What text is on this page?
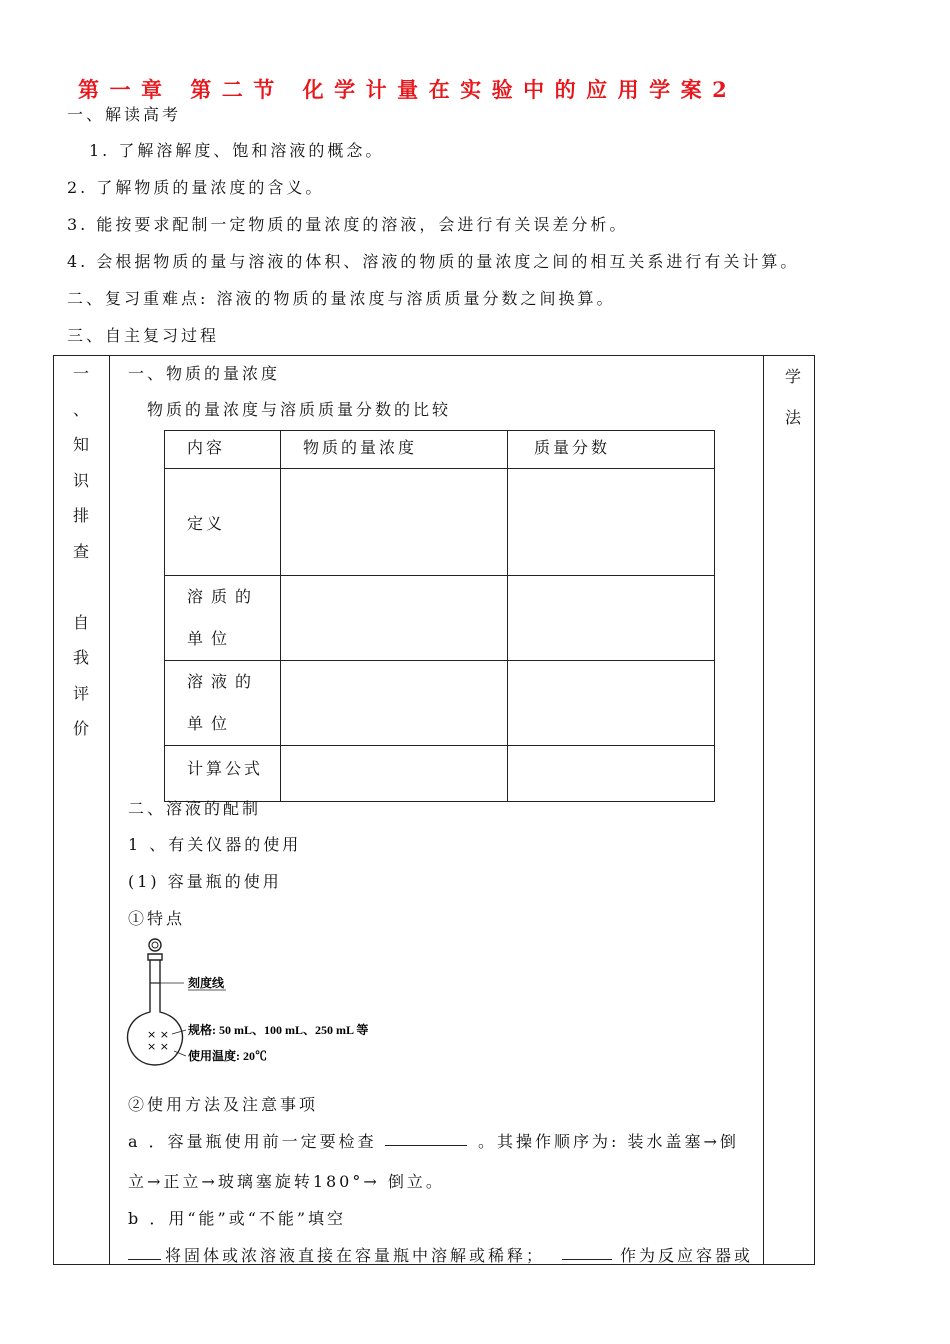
第一章 第二节 化学计量在实验中的应用学案2
一、解读高考
1. 了解溶解度、饱和溶液的概念。
2. 了解物质的量浓度的含义。
3. 能按要求配制一定物质的量浓度的溶液，会进行有关误差分析。
4. 会根据物质的量与溶液的体积、溶液的物质的量浓度之间的相互关系进行有关计算。
二、复习重难点: 溶液的物质的量浓度与溶质质量分数之间换算。
三、自主复习过程
一
、
知
识
排
查
自
我
评
价
学
法
一、物质的量浓度
物质的量浓度与溶质质量分数的比较
内容	物质的量浓度	质量分数
定义		
溶质的单位		
溶液的单位		
计算公式		
二、溶液的配制
1 、有关仪器的使用
(1) 容量瓶的使用
①特点
× ×
× ×
刻度线
规格: 50 mL、100 mL、250 mL 等
使用温度: 20℃
②使用方法及注意事项
a ．容量瓶使用前一定要检查	。其操作顺序为: 装水盖塞→倒
立→正立→玻璃塞旋转180°→ 倒立。
b ．用“能”或“不能”填空
将固体或浓溶液直接在容量瓶中溶解或稀释；	作为反应容器或
